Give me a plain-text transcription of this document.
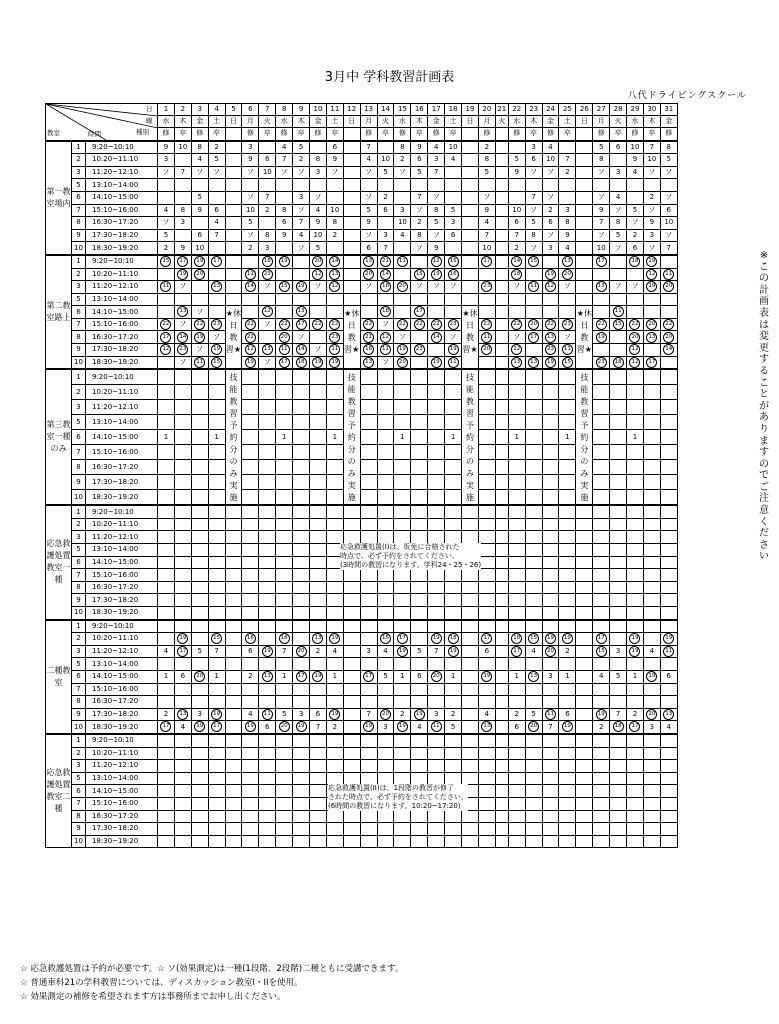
3月中 学科教習計画表
八代ドライビングスクール
日
曜
種別
教室 時間			1	2	3	4	5	6	7	8	9	10	11	12	13	14	15	16	17	18	19	20	21	22	23	24	25	26	27	28	29	30	31
			水	木	金	土	日	月	火	水	木	金	土	日	月	火	水	木	金	土	日	月	火	水	木	金	土	日	月	火	水	木	金
			修	卒	修	卒		修	卒	修	卒	修	卒		修	卒	修	卒	修	卒		修		修	卒	修	卒		修	卒	修	卒	修
第一教室場内	1	9:20~10:10	9	10	8	2		3		4	5		6		7		8	9	4	10		2			3	4			5	6	10	7	8
	2	10:20~11:10	3		4	5		9	6	7	2	8	9		4	10	2	6	3	4		8		5	6	10	7		8		9	10	5
	3	11:20~12:10	ソ	7	ソ	ソ		ソ	10	ソ	ソ	3	ソ		ソ	5	ソ	5	7			5		9	ソ	ソ	2		ソ	3	4	ソ	ソ
	5	13:10~14:00																															
	6	14:10~15:00			5			ソ	7		3	ソ			ソ	2		7	ソ			ソ			7	ソ			ソ	4		2	ソ
	7	15:10~16:00	4	8	9	6		10	2	8	ソ	4	10		5	6	3	ソ	8	5		9		10	ソ	2	3		9	ソ	5	ソ	6
	8	16:30~17:20	ソ	3		4		5		6	7	9	8		9		10	2	5	3		4		6	5	6	8		7	8	ソ	9	10
	9	17:30~18:20	5		6	7		ソ	8	9	4	10	2		ソ	3	4	8	ソ	6		7		7	8	ソ	9		ソ	5	2	3	ソ
	10	18:30~19:20	2	9	10			2	3		ソ	5			6	7		ソ	9			10		2	ソ	3	4		10	ソ	6	ソ	7
第二教室路上	1	9:20~10:10	15	17	19	17			18	19		20	14		13	21	11		12	15		17		14	15		13		17		18	19	
	2	10:20~11:10		19	20			11	23			12	13		20	14		15	19	16				18		19	20					12	11
	3	11:20~12:10	11	ソ		13		14	ソ	15	19	ソ	12		ソ	18	20	ソ	ソ	ソ		23		ソ	11	12	ソ		13	ソ	ソ	19	20
	5	13:10~14:00																															
	6	14:10~15:00		13	ソ		★休日教習★		12		13			★休日教習★		18		17			★休日教習★							★休日教習★		11			
	7	15:10~16:00	22	ソ	22	23		22	ソ	22	17	22	22		22	ソ	22	22	22	23		22		22	20	22	23		22	15	22	20	22
	8	16:30~17:20	17	14	19	ソ		22		20	ソ		23		21	12	ソ		14	ソ		11		ソ	17	13	ソ		19		20	13	20
	9	17:30~18:20	12	23	ソ	19		12	13	11	14	ソ	11		16	11	19	23		19		20		12		23	11				12		14
	10	18:30~19:20		ソ	11	15		19	ソ	17	18	19	19		13	ソ	20		19	11				13	13	19	15		23	18	12	17	
第三教室一種のみ	1	9:20~10:10					技能教習予約分のみ実施							技能教習予約分のみ実施							技能教習予約分のみ実施							技能教習予約分のみ実施					
	2	10:20~11:10																															
	3	11:20~12:10																															
	5	13:10~14:00																															
	6	14:10~15:00	1			1				1			1				1			1				1			1				1		
	7	15:10~16:00																															
	8	16:30~17:20																															
	9	17:30~18:20																															
	10	18:30~19:20																															
応急救護処置教室一種	1	9:20~10:10																															
	2	10:20~11:10																															
	3	11:20~12:10																															
	5	13:10~14:00																															
	6	14:10~15:00																															
	7	15:10~16:00																															
	8	16:30~17:20																															
	9	17:30~18:20																															
	10	18:30~19:20																															
二種教室	1	9:20~10:10																															
	2	10:20~11:10		19		15		16		18		13	19			15	17		19	18		17		18	15	19	19		17		19		19
	3	11:20~12:10	4	17	5	7		6	19	7	20	2	4		3	4	19	5	7	19		6		17	4	20	2		15	3	19	4	11
	5	13:10~14:00																															
	6	14:10~15:00	1	6	20	1		2	13	1	17	19	1		17	5	1	6	20	1		19		1	13	3	1		4	5	1	19	6
	7	15:10~16:00																															
	8	16:30~17:20																															
	9	17:30~18:20	2	13	3	19		4	11	5	3	6	19		7	20	2	19	3	2		4		2	5	11	6		19	7	2	20	13
	10	18:30~19:20	17	4	19	17		19	6	20	19	7	2		19	3	19	4	11	5		13		6	20	7	19		2	18	17	3	4
応急救護処置教室二種	1	9:20~10:10																															
	2	10:20~11:10																															
	3	11:20~12:10																															
	5	13:10~14:00																															
	6	14:10~15:00																															
	7	15:10~16:00																															
	8	16:30~17:20																															
	9	17:30~18:20																															
	10	18:30~19:20																															
※この計画表は変更することがありますのでご注意ください
☆ 応急救護処置は予約が必要です。☆ ソ(効果測定)は一種(1段階、2段階)二種ともに受講できます。
☆ 普通車科21の学科教習については、ディスカッション教室I・IIを使用。
☆ 効果測定の補修を希望されます方は事務所までお申し出ください。
応急救護処置(I)は、仮免に合格された
時点で、必ず予約をされてください。
(3時間の教習になります。学科24・25・26)
応急救護処置(II)は、1段階の教習が修了
された時点で、必ず予約をされてください。
(6時間の教習になります。10:20~17:20)
